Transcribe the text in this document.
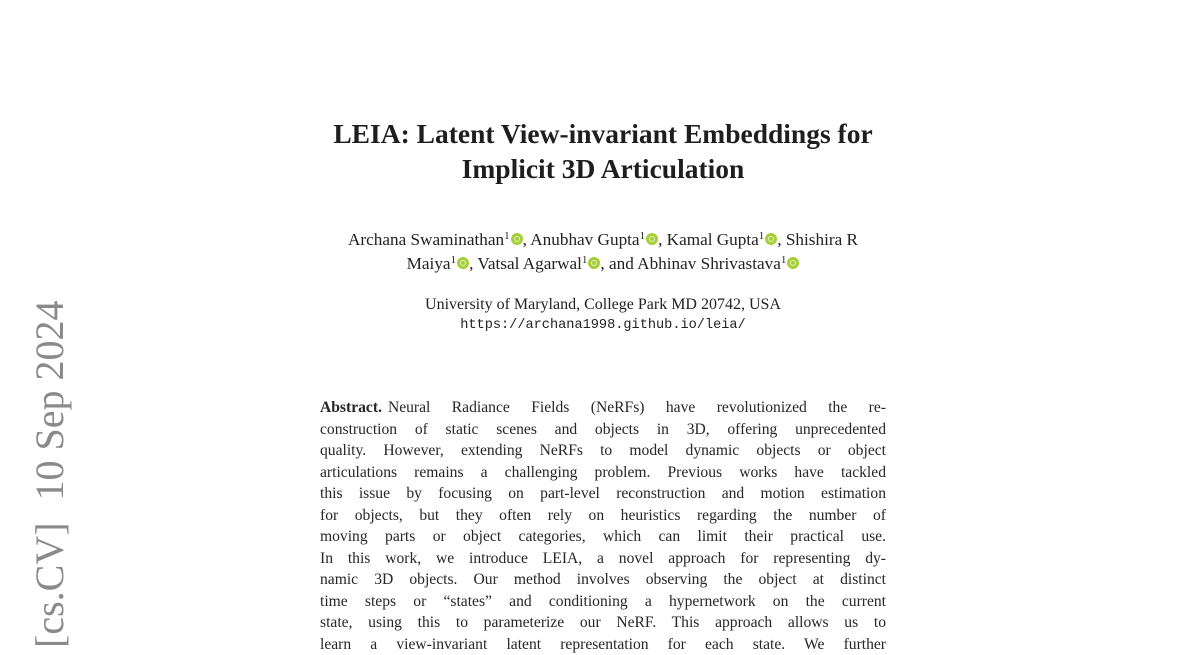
[cs.CV]10 Sep 2024
LEIA: Latent View-invariant Embeddings for
Implicit 3D Articulation
Archana Swaminathan$^1$ , Anubhav Gupta$^1$ , Kamal Gupta$^1$ , Shishira R
Maiya$^1$ , Vatsal Agarwal$^1$ , and Abhinav Shrivastava$^1$
University of Maryland, College Park MD 20742, USA
https://archana1998.github.io/leia/
Abstract. Neural Radiance Fields (NeRFs) have revolutionized the re-
construction of static scenes and objects in 3D, offering unprecedented
quality. However, extending NeRFs to model dynamic objects or object
articulations remains a challenging problem. Previous works have tackled
this issue by focusing on part-level reconstruction and motion estimation
for objects, but they often rely on heuristics regarding the number of
moving parts or object categories, which can limit their practical use.
In this work, we introduce LEIA, a novel approach for representing dy-
namic 3D objects. Our method involves observing the object at distinct
time steps or “states” and conditioning a hypernetwork on the current
state, using this to parameterize our NeRF. This approach allows us to
learn a view-invariant latent representation for each state. We further
